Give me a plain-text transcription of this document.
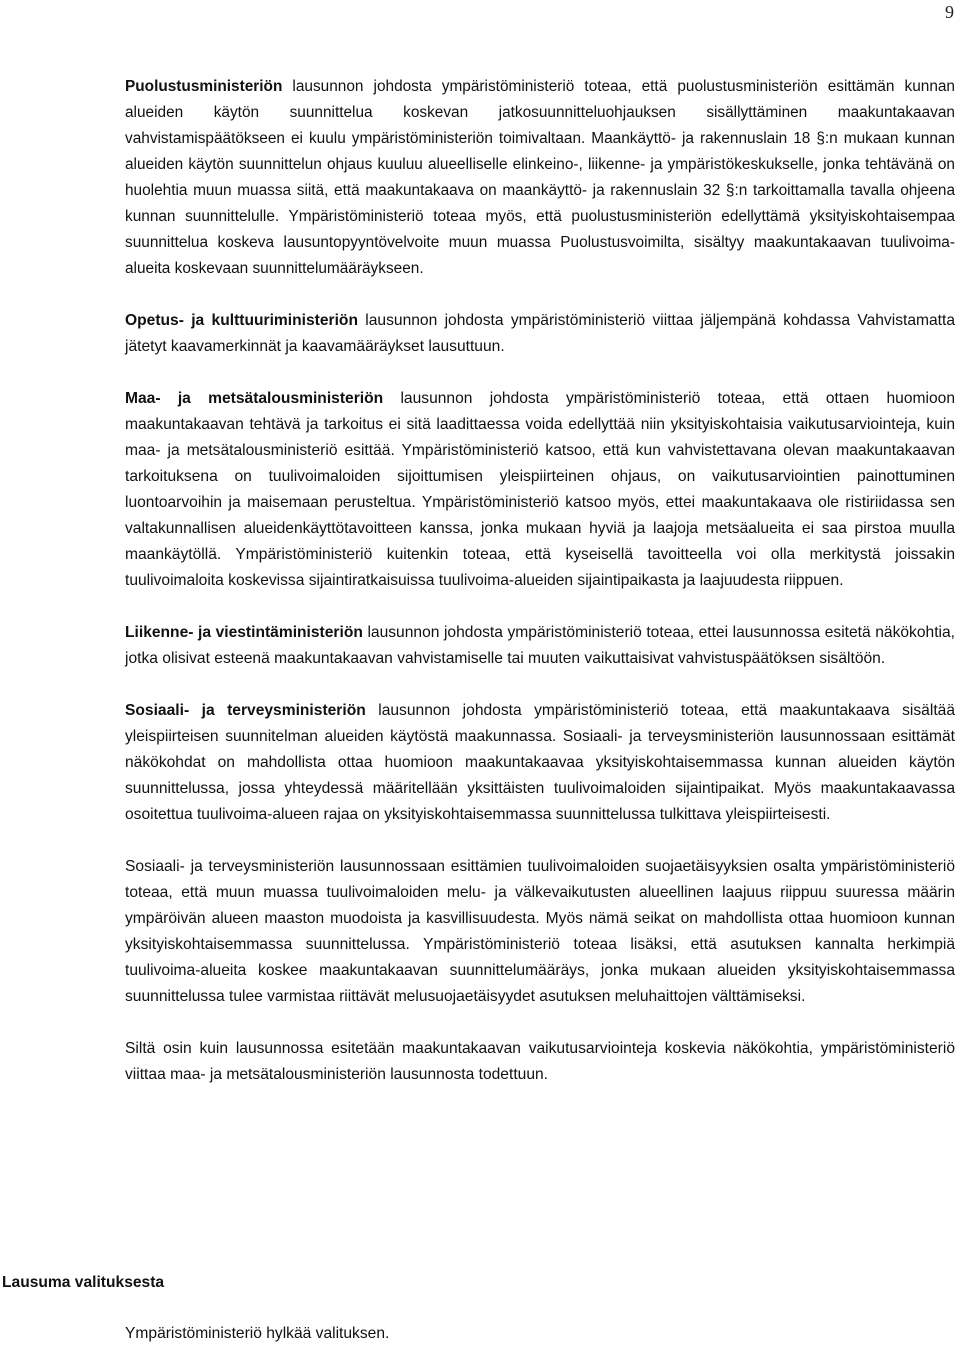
9

Puolustusministeriön lausunnon johdosta ympäristöministeriö toteaa, että puolustusministeriön esittämän kunnan alueiden käytön suunnittelua koskevan jatkosuunnitteluohjauksen sisällyttäminen maakuntakaavan vahvistamispäätökseen ei kuulu ympäristöministeriön toimivaltaan. Maankäyttö- ja rakennuslain 18 §:n mukaan kunnan alueiden käytön suunnittelun ohjaus kuuluu alueelliselle elinkeino-, liikenne- ja ympäristökeskukselle, jonka tehtävänä on huolehtia muun muassa siitä, että maakuntakaava on maankäyttö- ja rakennuslain 32 §:n tarkoittamalla tavalla ohjeena kunnan suunnittelulle. Ympäristöministeriö toteaa myös, että puolustusministeriön edellyttämä yksityiskohtaisempaa suunnittelua koskeva lausuntopyyntövelvoite muun muassa Puolustusvoimilta, sisältyy maakuntakaavan tuulivoima-alueita koskevaan suunnittelumääräykseen.

Opetus- ja kulttuuriministeriön lausunnon johdosta ympäristöministeriö viittaa jäljempänä kohdassa Vahvistamatta jätetyt kaavamerkinnät ja kaavamääräykset lausuttuun.

Maa- ja metsätalousministeriön lausunnon johdosta ympäristöministeriö toteaa, että ottaen huomioon maakuntakaavan tehtävä ja tarkoitus ei sitä laadittaessa voida edellyttää niin yksityiskohtaisia vaikutusarviointeja, kuin maa- ja metsätalousministeriö esittää. Ympäristöministeriö katsoo, että kun vahvistettavana olevan maakuntakaavan tarkoituksena on tuulivoimaloiden sijoittumisen yleispiirteinen ohjaus, on vaikutusarviointien painottuminen luontoarvoihin ja maisemaan perusteltua. Ympäristöministeriö katsoo myös, ettei maakuntakaava ole ristiriidassa sen valtakunnallisen alueidenkäyttötavoitteen kanssa, jonka mukaan hyviä ja laajoja metsäalueita ei saa pirstoa muulla maankäytöllä. Ympäristöministeriö kuitenkin toteaa, että kyseisellä tavoitteella voi olla merkitystä joissakin tuulivoimaloita koskevissa sijaintiratkaisuissa tuulivoima-alueiden sijaintipaikasta ja laajuudesta riippuen.

Liikenne- ja viestintäministeriön lausunnon johdosta ympäristöministeriö toteaa, ettei lausunnossa esitetä näkökohtia, jotka olisivat esteenä maakuntakaavan vahvistamiselle tai muuten vaikuttaisivat vahvistuspäätöksen sisältöön.

Sosiaali- ja terveysministeriön lausunnon johdosta ympäristöministeriö toteaa, että maakuntakaava sisältää yleispiirteisen suunnitelman alueiden käytöstä maakunnassa. Sosiaali- ja terveysministeriön lausunnossaan esittämät näkökohdat on mahdollista ottaa huomioon maakuntakaavaa yksityiskohtaisemmassa kunnan alueiden käytön suunnittelussa, jossa yhteydessä määritellään yksittäisten tuulivoimaloiden sijaintipaikat. Myös maakuntakaavassa osoitettua tuulivoima-alueen rajaa on yksityiskohtaisemmassa suunnittelussa tulkittava yleispiirteisesti.

Sosiaali- ja terveysministeriön lausunnossaan esittämien tuulivoimaloiden suojaetäisyyksien osalta ympäristöministeriö toteaa, että muun muassa tuulivoimaloiden melu- ja välkevaikutusten alueellinen laajuus riippuu suuressa määrin ympäröivän alueen maaston muodoista ja kasvillisuudesta. Myös nämä seikat on mahdollista ottaa huomioon kunnan yksityiskohtaisemmassa suunnittelussa. Ympäristöministeriö toteaa lisäksi, että asutuksen kannalta herkimpiä tuulivoima-alueita koskee maakuntakaavan suunnittelumääräys, jonka mukaan alueiden yksityiskohtaisemmassa suunnittelussa tulee varmistaa riittävät melusuojaetäisyydet asutuksen meluhaittojen välttämiseksi.

Siltä osin kuin lausunnossa esitetään maakuntakaavan vaikutusarviointeja koskevia näkökohtia, ympäristöministeriö viittaa maa- ja metsätalousministeriön lausunnosta todettuun.

Lausuma valituksesta

Ympäristöministeriö hylkää valituksen.
